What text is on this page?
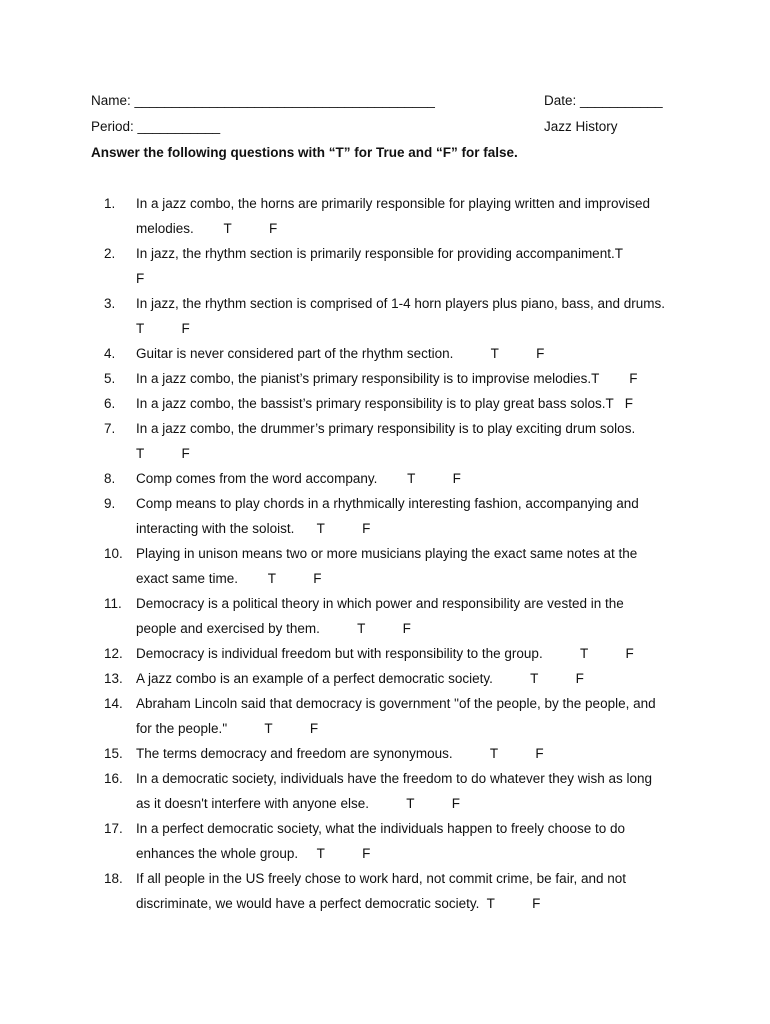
Name: ________________________________________	Date: ___________
Period: ___________	Jazz History
Answer the following questions with “T” for True and “F” for false.
1.	In a jazz combo, the horns are primarily responsible for playing written and improvised
melodies.        T          F
2.	In jazz, the rhythm section is primarily responsible for providing accompaniment.T
F
3.	In jazz, the rhythm section is comprised of 1-4 horn players plus piano, bass, and drums.
T          F
4.	Guitar is never considered part of the rhythm section.          T          F
5.	In a jazz combo, the pianist’s primary responsibility is to improvise melodies.T        F
6.	In a jazz combo, the bassist’s primary responsibility is to play great bass solos.T   F
7.	In a jazz combo, the drummer’s primary responsibility is to play exciting drum solos.
T          F
8.	Comp comes from the word accompany.        T          F
9.	Comp means to play chords in a rhythmically interesting fashion, accompanying and
interacting with the soloist.      T          F
10. Playing in unison means two or more musicians playing the exact same notes at the
exact same time.        T          F
11.	Democracy is a political theory in which power and responsibility are vested in the
people and exercised by them.          T          F
12. Democracy is individual freedom but with responsibility to the group.          T          F
13. A jazz combo is an example of a perfect democratic society.          T          F
14. Abraham Lincoln said that democracy is government "of the people, by the people, and
for the people."          T          F
15. The terms democracy and freedom are synonymous.          T          F
16. In a democratic society, individuals have the freedom to do whatever they wish as long
as it doesn't interfere with anyone else.          T          F
17. In a perfect democratic society, what the individuals happen to freely choose to do
enhances the whole group.     T          F
18. If all people in the US freely chose to work hard, not commit crime, be fair, and not
discriminate, we would have a perfect democratic society.  T          F
